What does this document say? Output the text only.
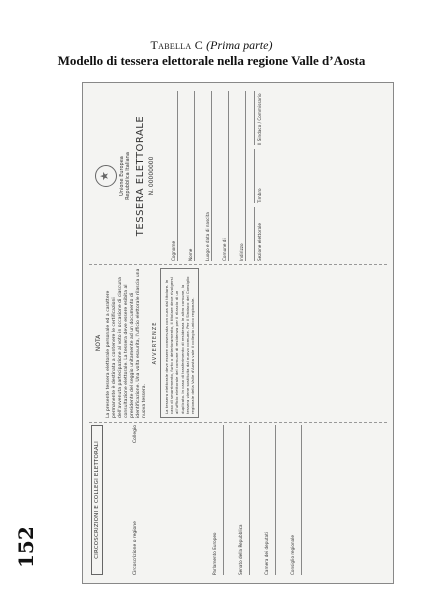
Tabella C (Prima parte)
Modello di tessera elettorale nella regione Valle d’Aosta
CIRCOSCRIZIONI E COLLEGI ELETTORALI	Circoscrizione o regione
Collegio
Parlamento Europeo	Senato della Repubblica	Camera dei deputati	Consiglio regionale
NOTA La presente tessera elettorale personale ed a carattere permanente è destinata a contenere le certificazioni dell'avvenuta partecipazione al voto in occasione di ciascuna consultazione elettorale. La tessera deve essere esibita al presidente del seggio unitamente ad un documento di identificazione. Una volta esaurita, l'ufficio elettorale rilascia una nuova tessera.
AVVERTENZE	La tessera elettorale deve essere conservata con cura dal titolare. In caso di smarrimento, furto o deterioramento, il titolare deve rivolgersi all'ufficio elettorale del comune di residenza per il rilascio di un duplicato. In caso di trasferimento di residenza in altro comune, la tessera viene sostituita dal nuovo comune. Per il Sindaco del Consiglio regionale della Valle d'Aosta vale il collegio unico regionale.
★
Unione Europea Repubblica Italiana TESSERA ELETTORALE N. 00000000
Cognome	Nome	Luogo e data di nascita	Comune di	Indirizzo	Sezione elettorale
Timbro
Il Sindaco / Commissario
152
